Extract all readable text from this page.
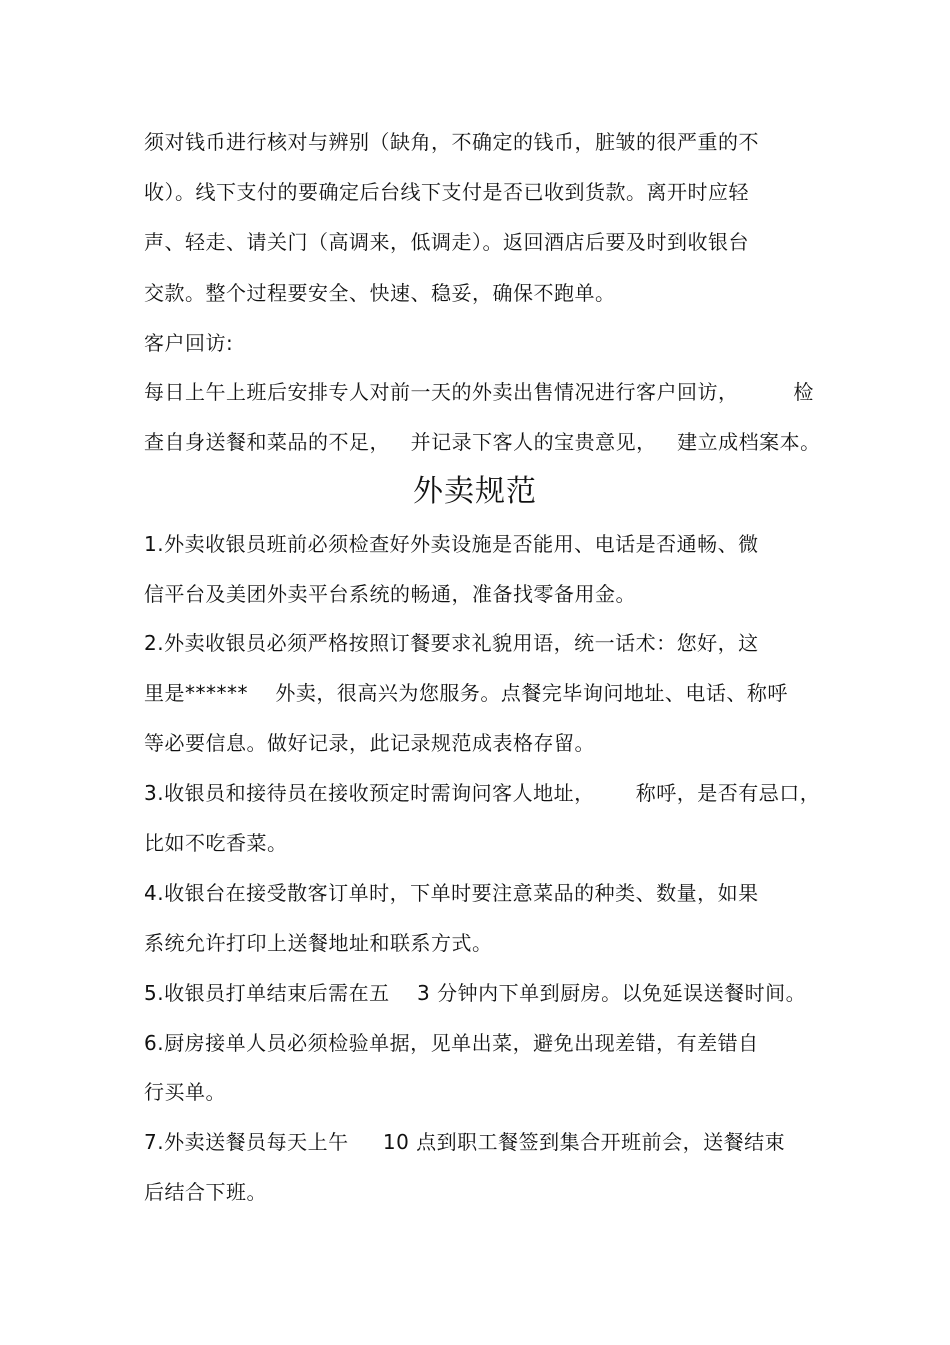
须对钱币进行核对与辨别（缺角，不确定的钱币，脏皱的很严重的不
收）。线下支付的要确定后台线下支付是否已收到货款。离开时应轻
声、轻走、请关门（高调来，低调走）。返回酒店后要及时到收银台
交款。整个过程要安全、快速、稳妥，确保不跑单。
客户回访:
每日上午上班后安排专人对前一天的外卖出售情况进行客户回访，        检
查自身送餐和菜品的不足，   并记录下客人的宝贵意见，   建立成档案本。
外卖规范
1.外卖收银员班前必须检查好外卖设施是否能用、电话是否通畅、微
信平台及美团外卖平台系统的畅通，准备找零备用金。
2.外卖收银员必须严格按照订餐要求礼貌用语，统一话术：您好，这
里是******    外卖，很高兴为您服务。点餐完毕询问地址、电话、称呼
等必要信息。做好记录，此记录规范成表格存留。
3.收银员和接待员在接收预定时需询问客人地址，      称呼，是否有忌口，
比如不吃香菜。
4.收银台在接受散客订单时，下单时要注意菜品的种类、数量，如果
系统允许打印上送餐地址和联系方式。
5.收银员打单结束后需在五    3 分钟内下单到厨房。以免延误送餐时间。
6.厨房接单人员必须检验单据，见单出菜，避免出现差错，有差错自
行买单。
7.外卖送餐员每天上午     10 点到职工餐签到集合开班前会，送餐结束
后结合下班。
